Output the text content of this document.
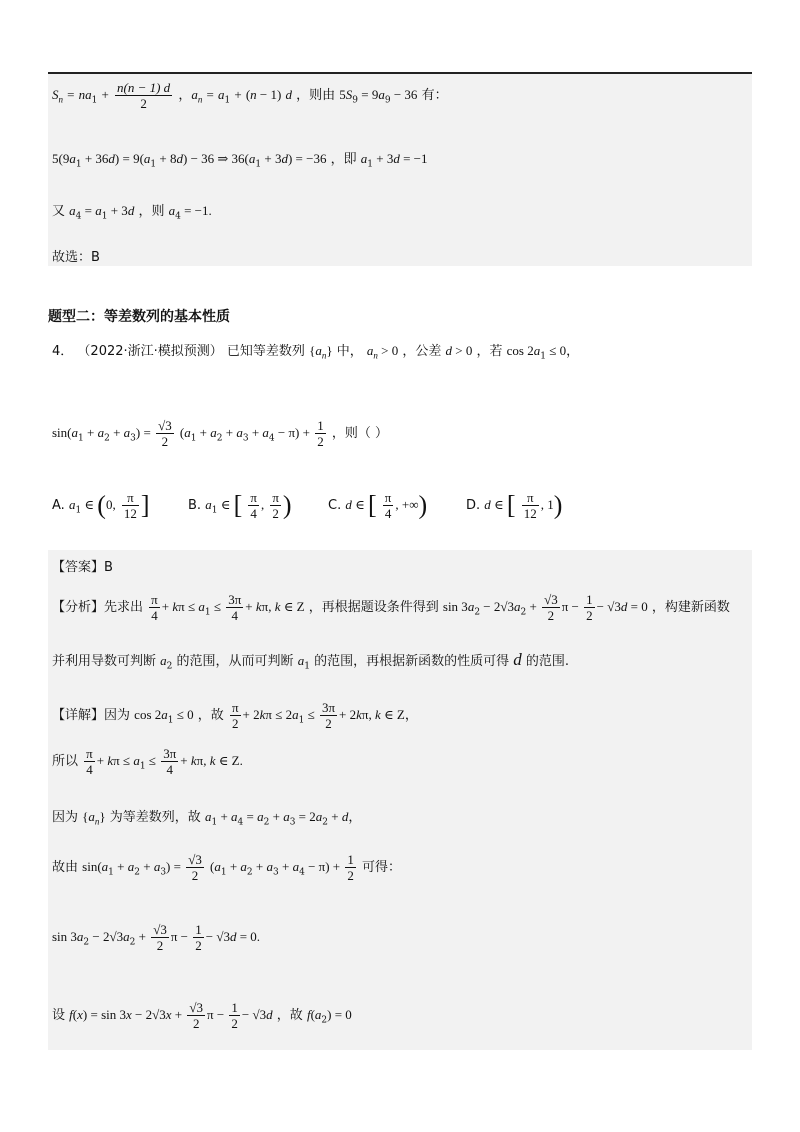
$S_n = na_1 + \frac{n(n - 1) d}{2}$ ，$a_n = a_1 + (n - 1)$ d ，则由 $5S_9 = 9a_9 - 36$ 有：
$5(9a_1 + 36d) = 9(a_1 + 8d) - 36$ ⇒ $36(a_1 + 3d) = -36$ ，即 $a_1 + 3d = -1$
又 $a_4 = a_1 + 3d$ ，则 $a_4 = -1$.
故选：B
题型二：等差数列的基本性质
4． （2022·浙江·模拟预测） 已知等差数列 $\{a_n\}$ 中， $a_n > 0$ ，公差 d > 0 ，若 $\cos 2a_1 \le 0$，
$\sin(a_1 + a_2 + a_3) = \frac{√3}{2} (a_1 + a_2 + a_3 + a_4 - \pi) + \frac{1}{2}$ ，则（ ）
A. $a_1$ ∈ (0, $\frac{\pi}{12}$ ]	B. $a_1$ ∈ [ $\frac{\pi}{4}$ , $\frac{\pi}{2}$ )	C. d ∈ [ $\frac{\pi}{4}$ , +∞)	D. d ∈ [ $\frac{\pi}{12}$ , 1)
【答案】B
【分析】先求出 $\frac{\pi}{4} + k\pi \le a_1 \le \frac{3\pi}{4} + k\pi$, k ∈ Z ，再根据题设条件得到 $\sin 3a_2 - 2√3a_2 + \frac{√3}{2}$ $\pi - \frac{1}{2} - √3d = 0$ ，构建新函数
并利用导数可判断 $a_2$ 的范围，从而可判断 $a_1$ 的范围，再根据新函数的性质可得 d 的范围.
【详解】因为 $\cos 2a_1 \le 0$ ，故 $\frac{\pi}{2} + 2k\pi \le 2a_1 \le \frac{3\pi}{2} + 2k\pi$, k ∈ Z，
所以 $\frac{\pi}{4} + k\pi \le a_1 \le \frac{3\pi}{4} + k\pi$, k ∈ Z.
因为 $\{a_n\}$ 为等差数列，故 $a_1 + a_4 = a_2 + a_3 = 2a_2 + d$，
故由 $\sin(a_1 + a_2 + a_3) = \frac{√3}{2} (a_1 + a_2 + a_3 + a_4 - \pi) + \frac{1}{2}$ 可得：
$\sin 3a_2 - 2√3a_2 + \frac{√3}{2}$ $\pi - \frac{1}{2} - √3d = 0$.
设 $f(x) = \sin 3x - 2√3x + \frac{√3}{2}$ $\pi - \frac{1}{2} - √3d$ ，故 $f(a_2) = 0$
